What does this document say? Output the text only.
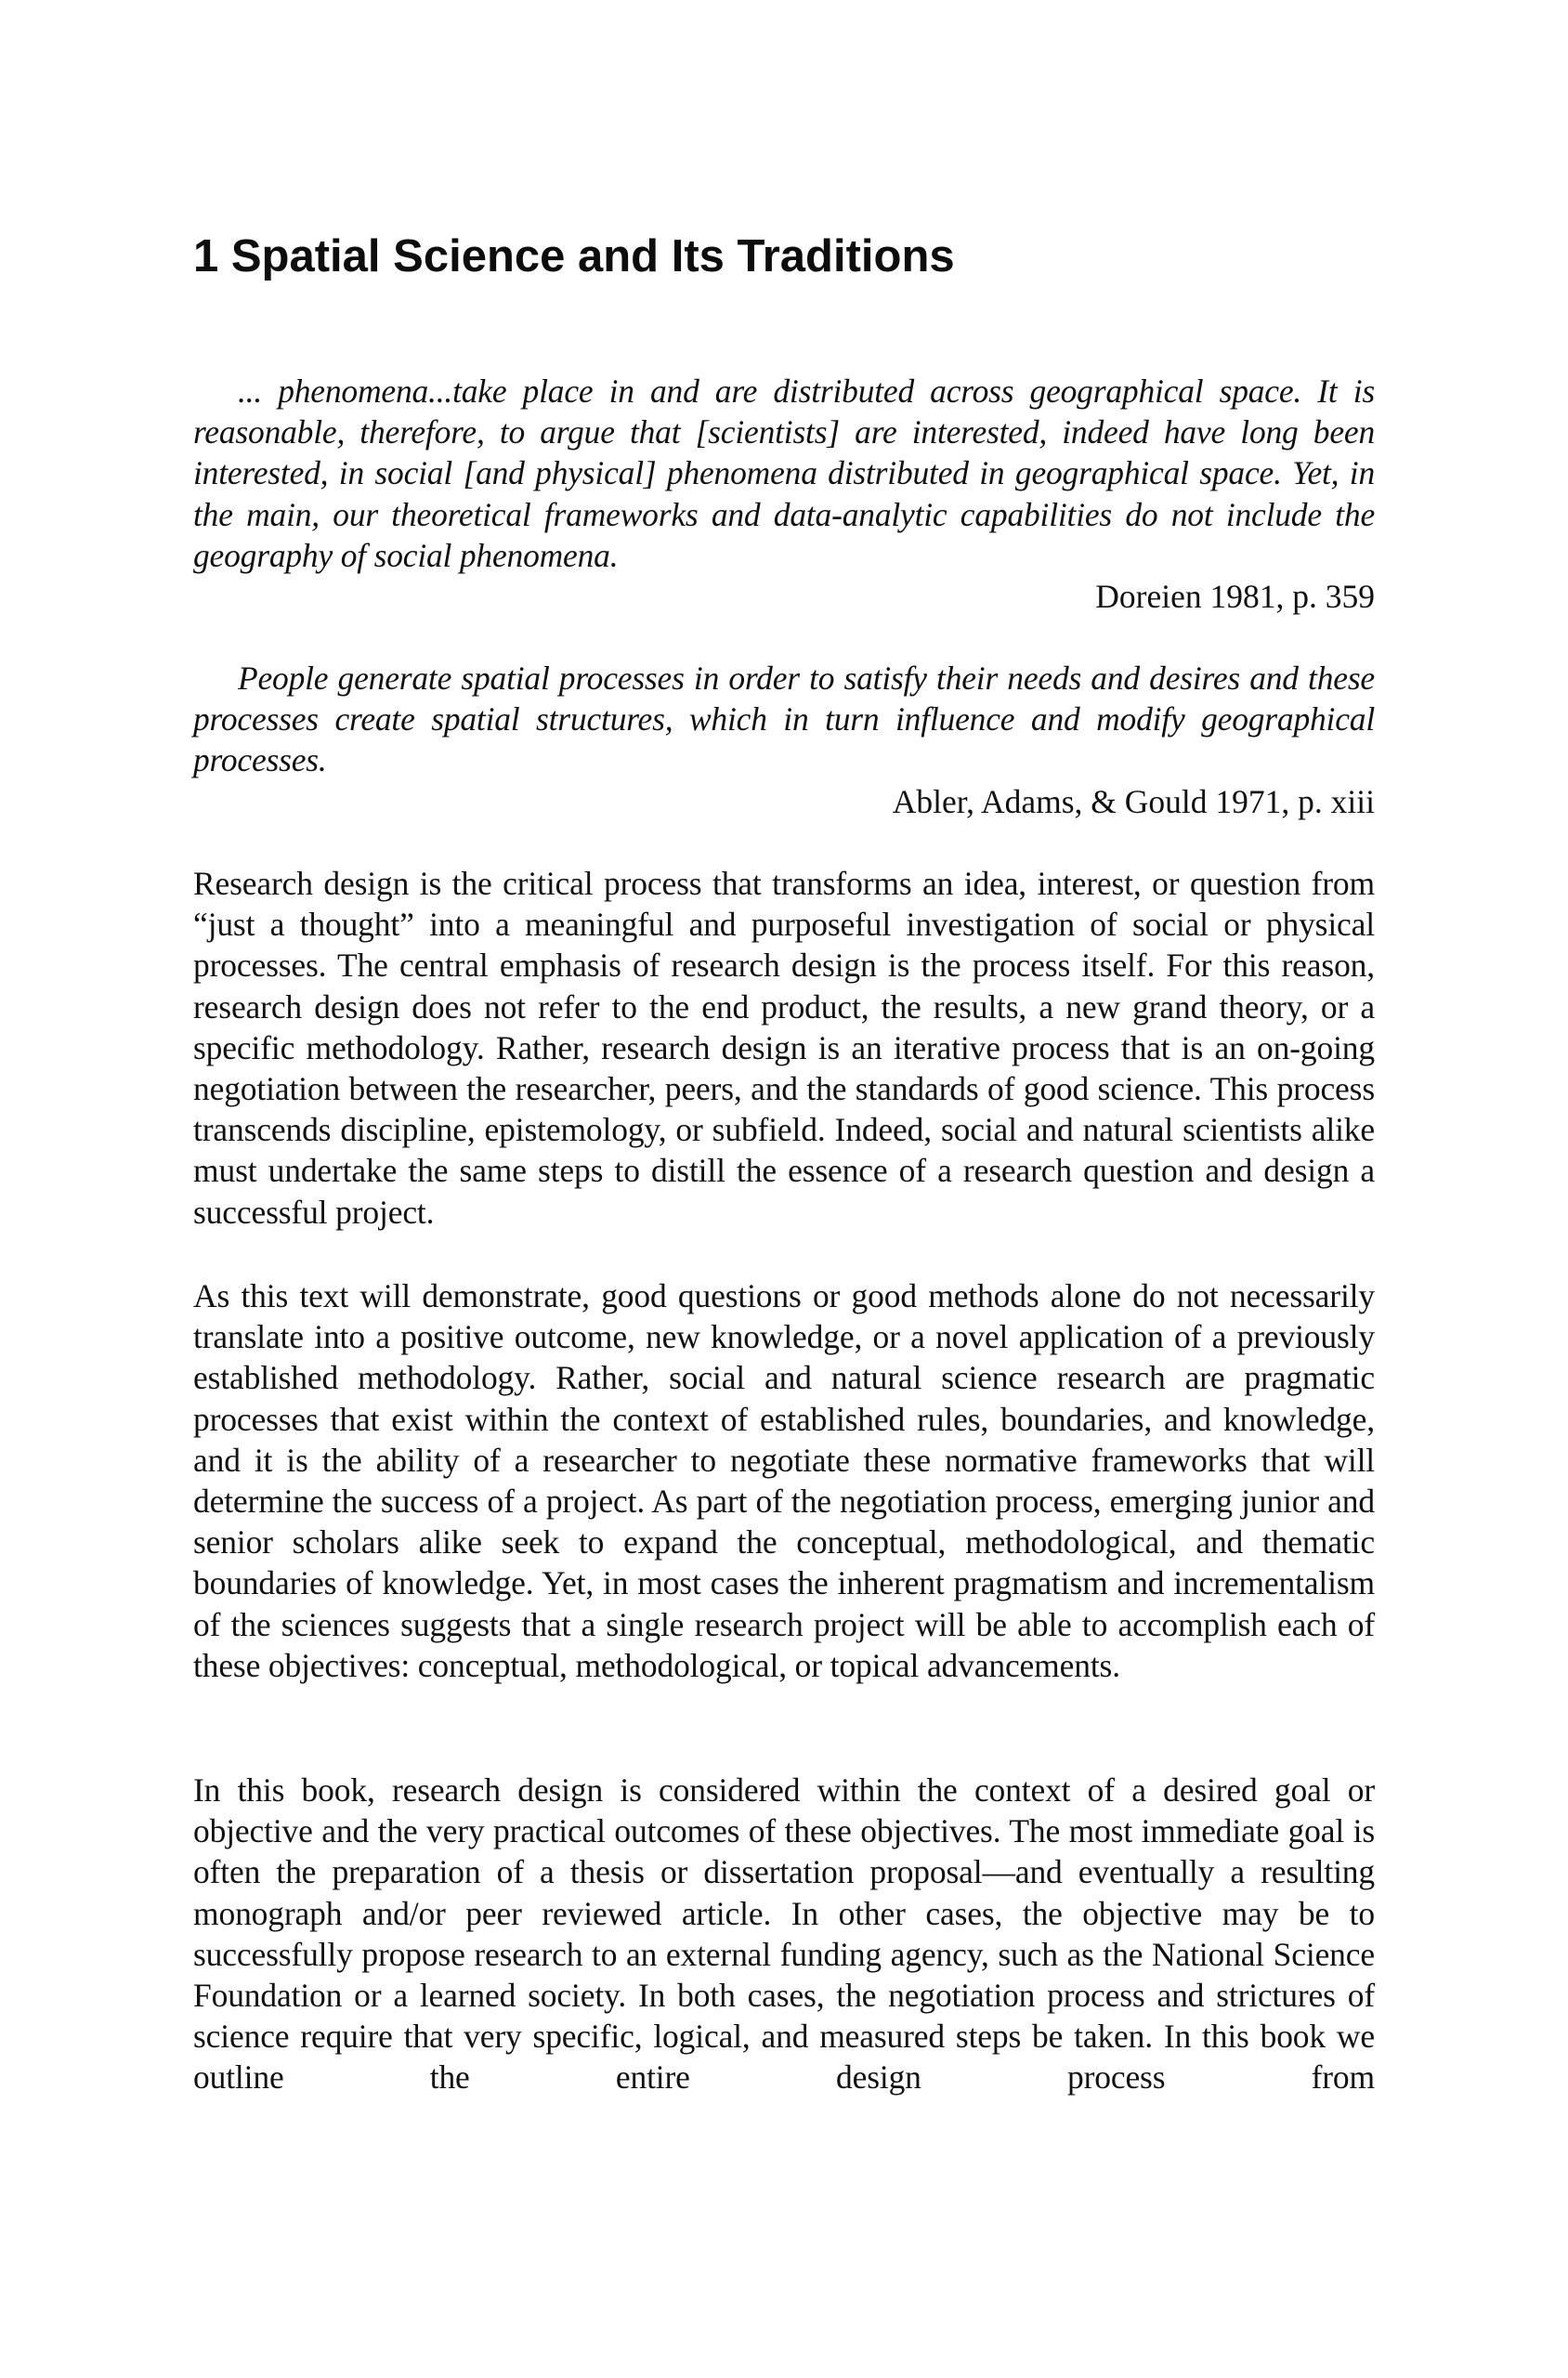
1 Spatial Science and Its Traditions

... phenomena...take place in and are distributed across geographical space. It is reasonable, therefore, to argue that [scientists] are interested, indeed have long been interested, in social [and physical] phenomena distributed in geographical space. Yet, in the main, our theoretical frameworks and data-analytic capabilities do not include the geography of social phenomena.

Doreien 1981, p. 359

People generate spatial processes in order to satisfy their needs and desires and these processes create spatial structures, which in turn influence and modify geographical processes.

Abler, Adams, & Gould 1971, p. xiii

Research design is the critical process that transforms an idea, interest, or question from “just a thought” into a meaningful and purposeful investigation of social or physical processes. The central emphasis of research design is the process itself. For this reason, research design does not refer to the end product, the results, a new grand theory, or a specific methodology. Rather, research design is an iterative process that is an on-going negotiation between the researcher, peers, and the standards of good science. This process transcends discipline, epistemology, or subfield. Indeed, social and natural scientists alike must undertake the same steps to distill the essence of a research question and design a successful project.

As this text will demonstrate, good questions or good methods alone do not necessarily translate into a positive outcome, new knowledge, or a novel application of a previously established methodology. Rather, social and natural science research are pragmatic processes that exist within the context of established rules, boundaries, and knowledge, and it is the ability of a researcher to negotiate these normative frameworks that will determine the success of a project. As part of the negotiation process, emerging junior and senior scholars alike seek to expand the conceptual, methodological, and thematic boundaries of knowledge. Yet, in most cases the inherent pragmatism and incrementalism of the sciences suggests that a single research project will be able to accomplish each of these objectives: conceptual, methodological, or topical advancements.

In this book, research design is considered within the context of a desired goal or objective and the very practical outcomes of these objectives. The most immediate goal is often the preparation of a thesis or dissertation proposal—and eventually a resulting monograph and/or peer reviewed article. In other cases, the objective may be to successfully propose research to an external funding agency, such as the National Science Foundation or a learned society. In both cases, the negotiation process and strictures of science require that very specific, logical, and measured steps be taken. In this book we outline the entire design process from
